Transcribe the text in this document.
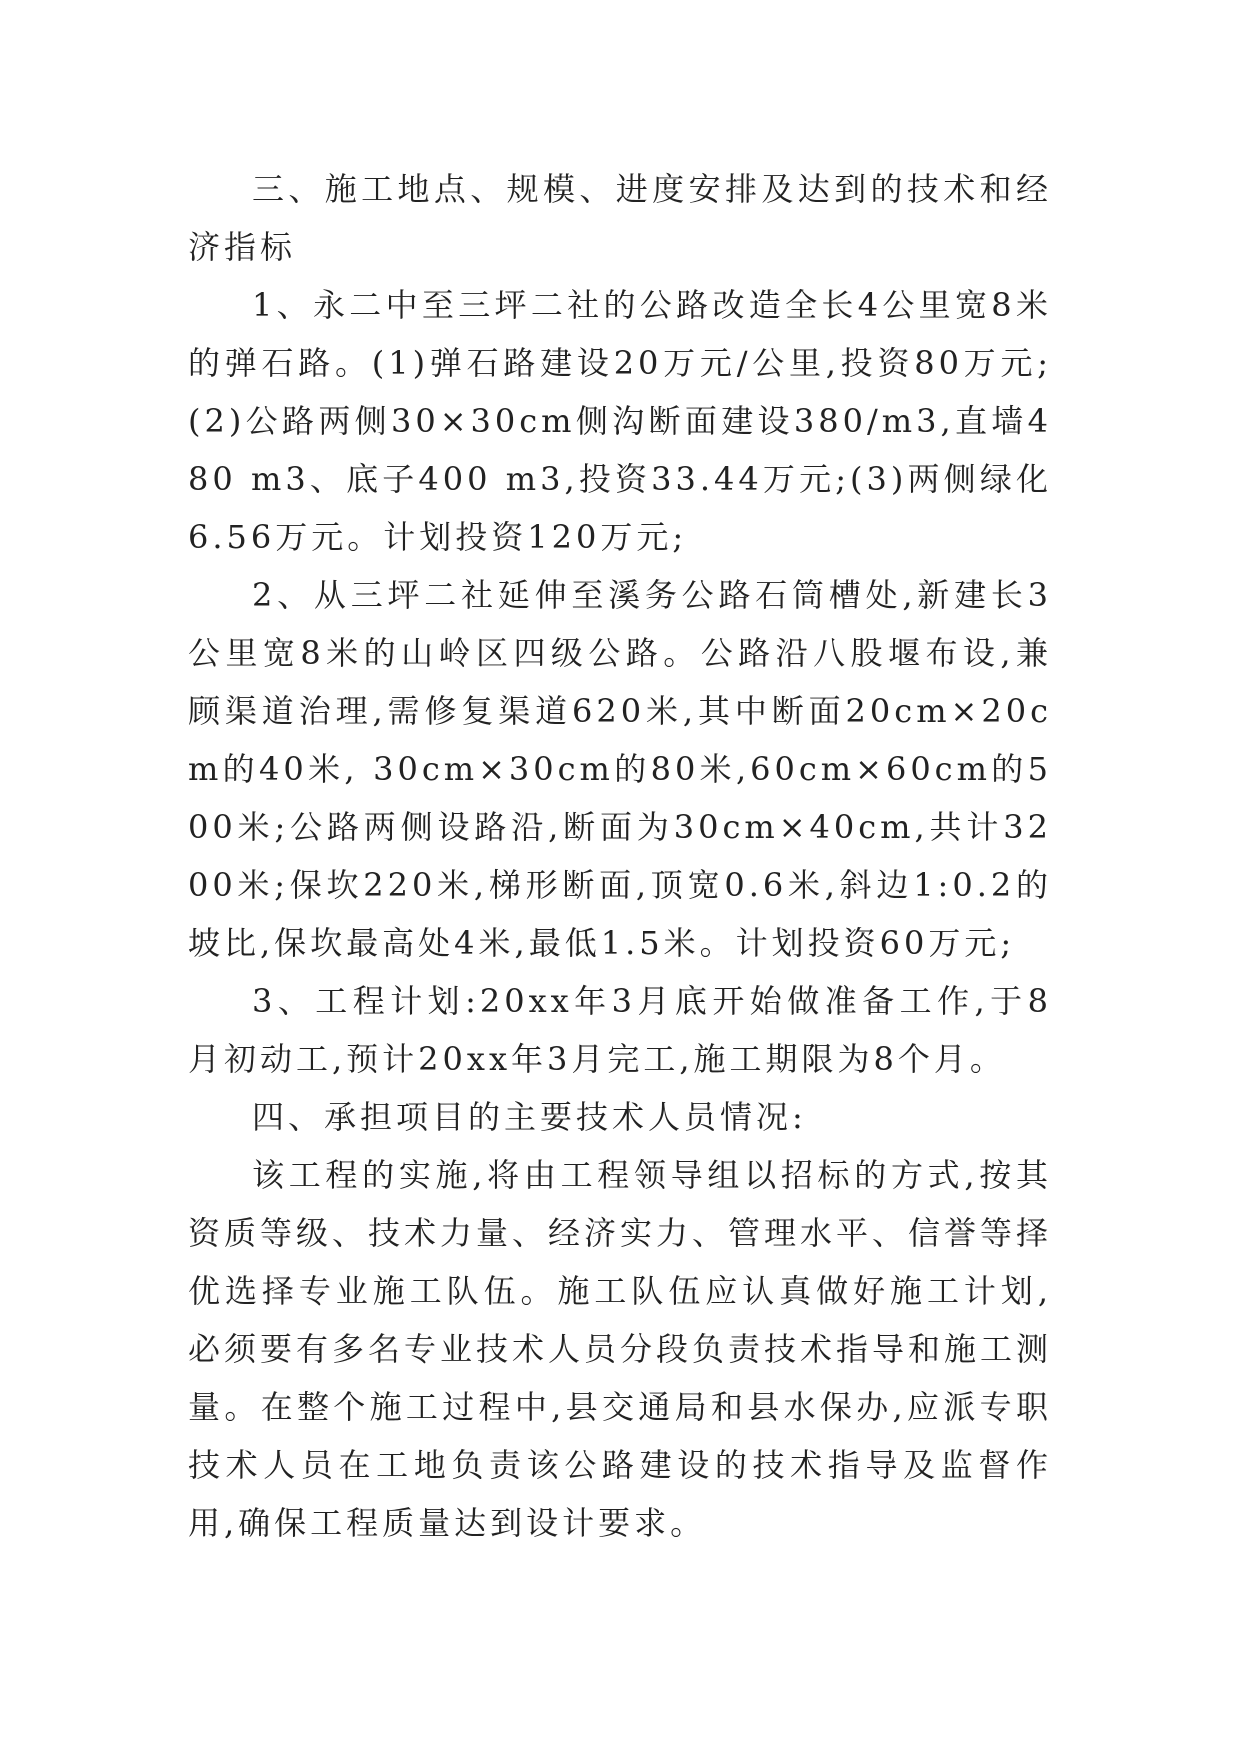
三、施工地点、规模、进度安排及达到的技术和经济指标

1、永二中至三坪二社的公路改造全长4公里宽8米的弹石路。(1)弹石路建设20万元/公里,投资80万元;(2)公路两侧30×30cm侧沟断面建设380/m3,直墙480 m3、底子400 m3,投资33.44万元;(3)两侧绿化6.56万元。计划投资120万元;

2、从三坪二社延伸至溪务公路石筒槽处,新建长3公里宽8米的山岭区四级公路。公路沿八股堰布设,兼顾渠道治理,需修复渠道620米,其中断面20cm×20cm的40米, 30cm×30cm的80米,60cm×60cm的500米;公路两侧设路沿,断面为30cm×40cm,共计3200米;保坎220米,梯形断面,顶宽0.6米,斜边1:0.2的坡比,保坎最高处4米,最低1.5米。计划投资60万元;

3、工程计划:20xx年3月底开始做准备工作,于8月初动工,预计20xx年3月完工,施工期限为8个月。

四、承担项目的主要技术人员情况:

该工程的实施,将由工程领导组以招标的方式,按其资质等级、技术力量、经济实力、管理水平、信誉等择优选择专业施工队伍。施工队伍应认真做好施工计划,必须要有多名专业技术人员分段负责技术指导和施工测量。在整个施工过程中,县交通局和县水保办,应派专职技术人员在工地负责该公路建设的技术指导及监督作用,确保工程质量达到设计要求。
